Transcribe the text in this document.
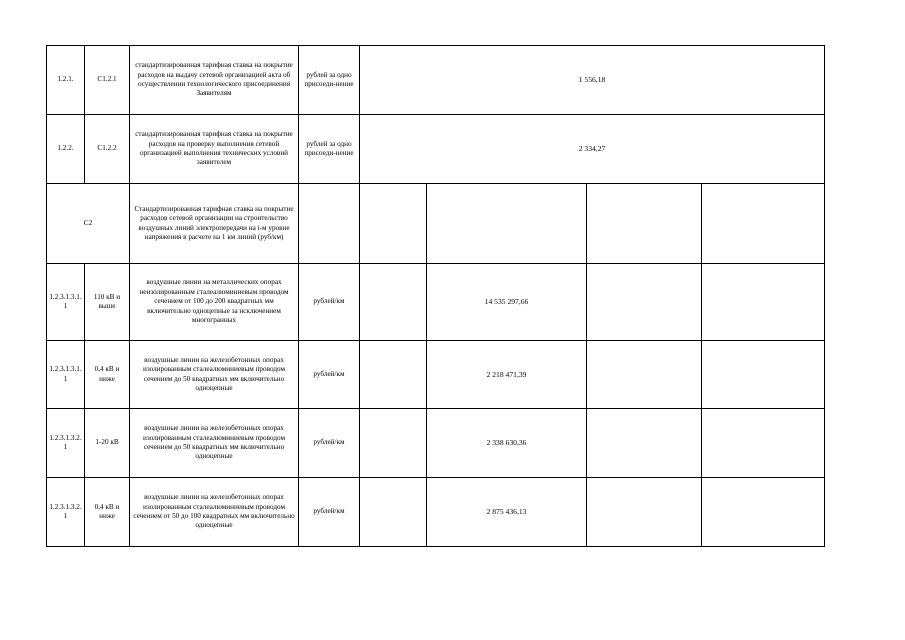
1.2.1.	C1.2.1	стандартизированная тарифная ставка на покрытие расходов на выдачу сетевой организацией акта об осуществлении технологического присоединения Заявителям	рублей за одно присоеди-нение	1 556,18			
1.2.2.	C1.2.2	стандартизированная тарифная ставка на покрытие расходов на проверку выполнения сетевой организацией выполнения технических условий заявителем	рублей за одно присоеди-нение	2 334,27			
C2		Стандартизированная тарифная ставка на покрытие расходов сетевой организации на строительство воздушных линий электропередачи на i-м уровне напряжения в расчете на 1 км линий (руб/км)					
1.2.3.1.3.1.1	110 кВ и выше	воздушные линии на металлических опорах неизолированным сталеалюминиевым проводом сечением от 100 до 200 квадратных мм включительно одноцепные за исключением многогранных	рублей/км		14 535 297,66		
1.2.3.1.3.1.1	0,4 кВ и ниже	воздушные линии на железобетонных опорах изолированным сталеалюминиевым проводом сечением до 50 квадратных мм включительно одноцепные	рублей/км		2 218 471,39		
1.2.3.1.3.2.1	1-20 кВ	воздушные линии на железобетонных опорах изолированным сталеалюминиевым проводом сечением до 50 квадратных мм включительно одноцепные	рублей/км		2 338 630,36		
1.2.3.1.3.2.1	0,4 кВ и ниже	воздушные линии на железобетонных опорах изолированным сталеалюминиевым проводом сечением от 50 до 100 квадратных мм включительно одноцепные	рублей/км		2 875 436,13		
